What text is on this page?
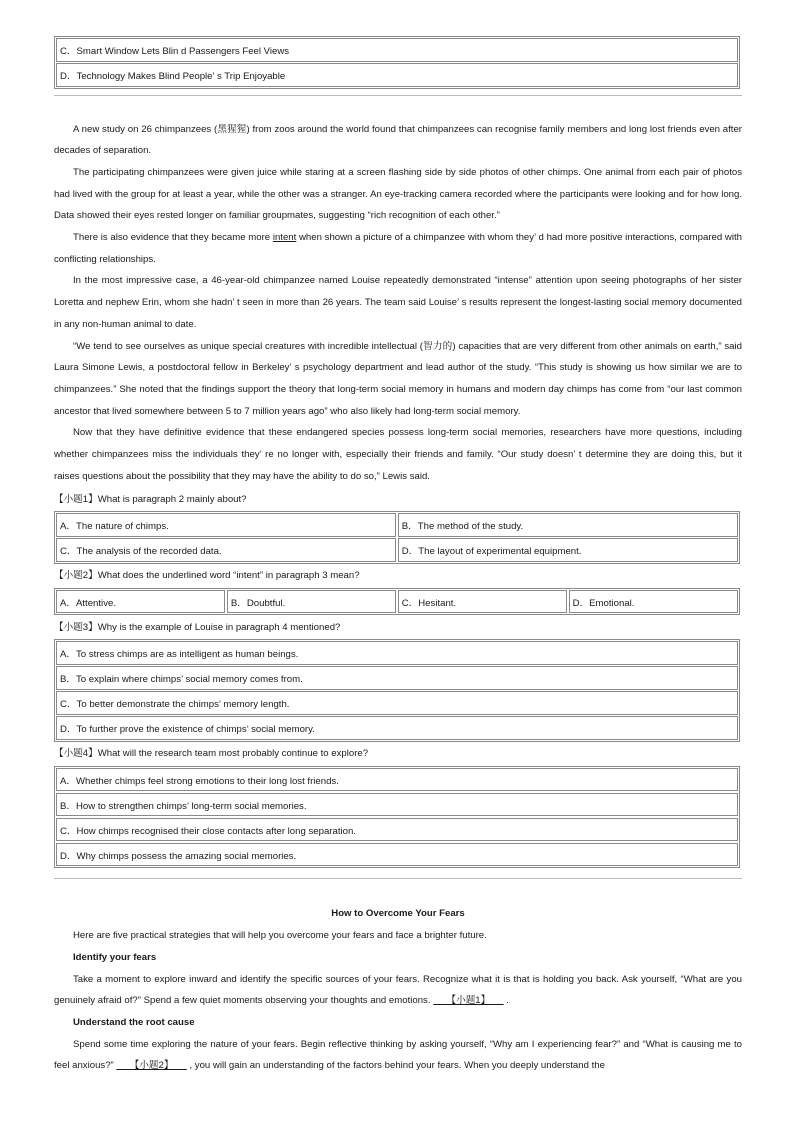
C．Smart Window Lets Blin d Passengers Feel Views
D．Technology Makes Blind People’ s Trip Enjoyable

A new study on 26 chimpanzees (黑猩猩) from zoos around the world found that chimpanzees can recognise family members and long lost friends even after decades of separation.

The participating chimpanzees were given juice while staring at a screen flashing side by side photos of other chimps. One animal from each pair of photos had lived with the group for at least a year, while the other was a stranger. An eye-tracking camera recorded where the participants were looking and for how long. Data showed their eyes rested longer on familiar groupmates, suggesting “rich recognition of each other.”

There is also evidence that they became more intent when shown a picture of a chimpanzee with whom they’ d had more positive interactions, compared with conflicting relationships.

In the most impressive case, a 46-year-old chimpanzee named Louise repeatedly demonstrated “intense” attention upon seeing photographs of her sister Loretta and nephew Erin, whom she hadn’ t seen in more than 26 years. The team said Louise’ s results represent the longest-lasting social memory documented in any non-human animal to date.

“We tend to see ourselves as unique special creatures with incredible intellectual (智力的) capacities that are very different from other animals on earth,” said Laura Simone Lewis, a postdoctoral fellow in Berkeley’ s psychology department and lead author of the study. “This study is showing us how similar we are to chimpanzees.” She noted that the findings support the theory that long-term social memory in humans and modern day chimps has come from “our last common ancestor that lived somewhere between 5 to 7 million years ago” who also likely had long-term social memory.

Now that they have definitive evidence that these endangered species possess long-term social memories, researchers have more questions, including whether chimpanzees miss the individuals they’ re no longer with, especially their friends and family. “Our study doesn’ t determine they are doing this, but it raises questions about the possibility that they may have the ability to do so,” Lewis said.

【小题1】What is paragraph 2 mainly about?

A．The nature of chimps.	B．The method of the study.
C．The analysis of the recorded data.	D．The layout of experimental equipment.

【小题2】What does the underlined word “intent” in paragraph 3 mean?

A．Attentive.	B．Doubtful.	C．Hesitant.	D．Emotional.

【小题3】Why is the example of Louise in paragraph 4 mentioned?

A．To stress chimps are as intelligent as human beings.
B．To explain where chimps’ social memory comes from.
C．To better demonstrate the chimps’ memory length.
D．To further prove the existence of chimps’ social memory.

【小题4】What will the research team most probably continue to explore?

A．Whether chimps feel strong emotions to their long lost friends.
B．How to strengthen chimps’ long-term social memories.
C．How chimps recognised their close contacts after long separation.
D．Why chimps possess the amazing social memories.

How to Overcome Your Fears

Here are five practical strategies that will help you overcome your fears and face a brighter future.

Identify your fears

Take a moment to explore inward and identify the specific sources of your fears. Recognize what it is that is holding you back. Ask yourself, “What are you genuinely afraid of?” Spend a few quiet moments observing your thoughts and emotions. 【小题1】 .

Understand the root cause

Spend some time exploring the nature of your fears. Begin reflective thinking by asking yourself, “Why am I experiencing fear?” and “What is causing me to feel anxious?” 【小题2】 , you will gain an understanding of the factors behind your fears. When you deeply understand the
